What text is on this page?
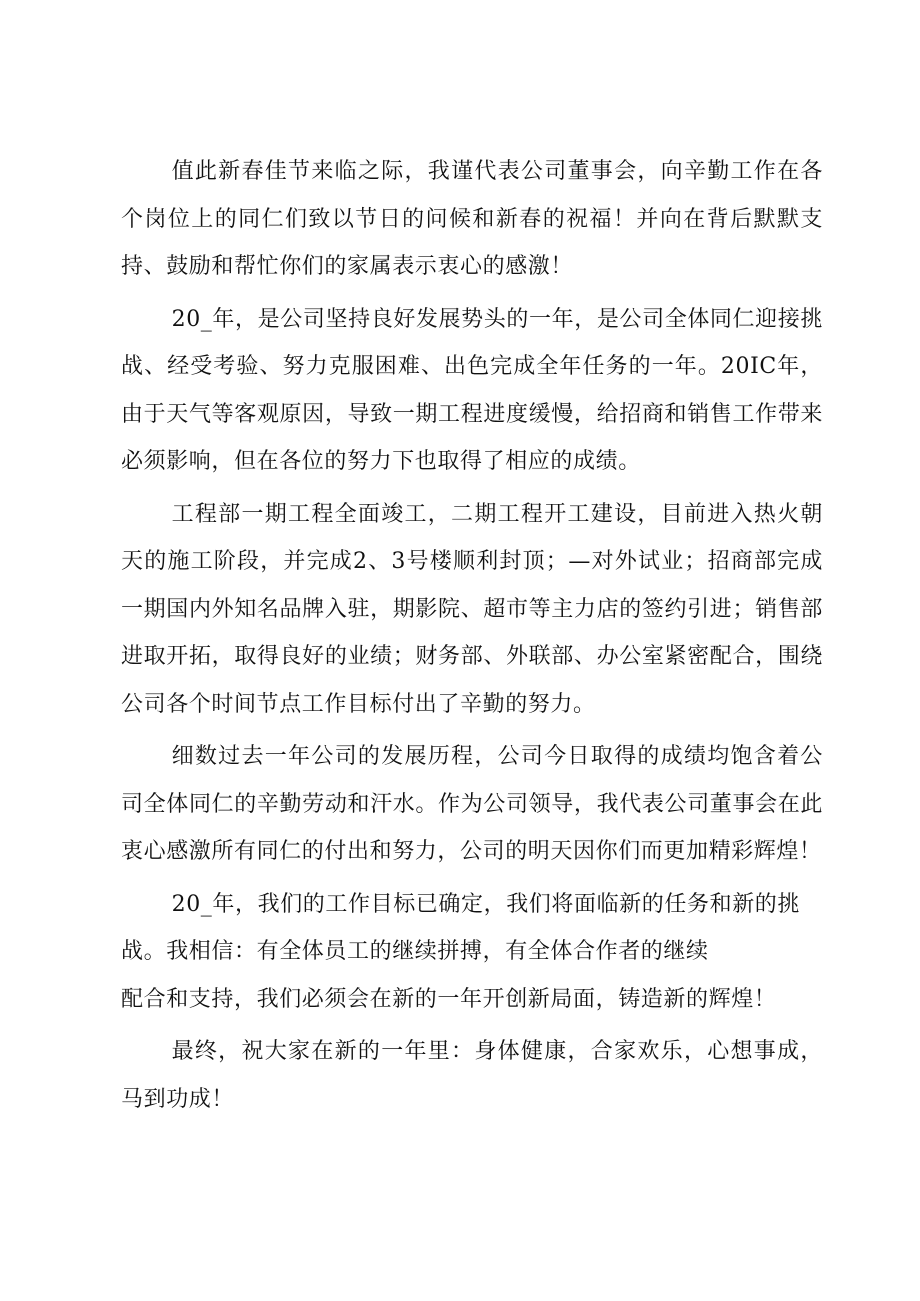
值此新春佳节来临之际，我谨代表公司董事会，向辛勤工作在各个岗位上的同仁们致以节日的问候和新春的祝福！并向在背后默默支持、鼓励和帮忙你们的家属表示衷心的感激！

20_年，是公司坚持良好发展势头的一年，是公司全体同仁迎接挑战、经受考验、努力克服困难、出色完成全年任务的一年。20IC年，由于天气等客观原因，导致一期工程进度缓慢，给招商和销售工作带来必须影响，但在各位的努力下也取得了相应的成绩。

工程部一期工程全面竣工，二期工程开工建设，目前进入热火朝天的施工阶段，并完成2、3号楼顺利封顶；—对外试业；招商部完成一期国内外知名品牌入驻，期影院、超市等主力店的签约引进；销售部进取开拓，取得良好的业绩；财务部、外联部、办公室紧密配合，围绕公司各个时间节点工作目标付出了辛勤的努力。

细数过去一年公司的发展历程，公司今日取得的成绩均饱含着公司全体同仁的辛勤劳动和汗水。作为公司领导，我代表公司董事会在此衷心感激所有同仁的付出和努力，公司的明天因你们而更加精彩辉煌！

20_年，我们的工作目标已确定，我们将面临新的任务和新的挑
战。我相信：有全体员工的继续拼搏，有全体合作者的继续
配合和支持，我们必须会在新的一年开创新局面，铸造新的辉煌！

最终，祝大家在新的一年里：身体健康，合家欢乐，心想事成，马到功成！
